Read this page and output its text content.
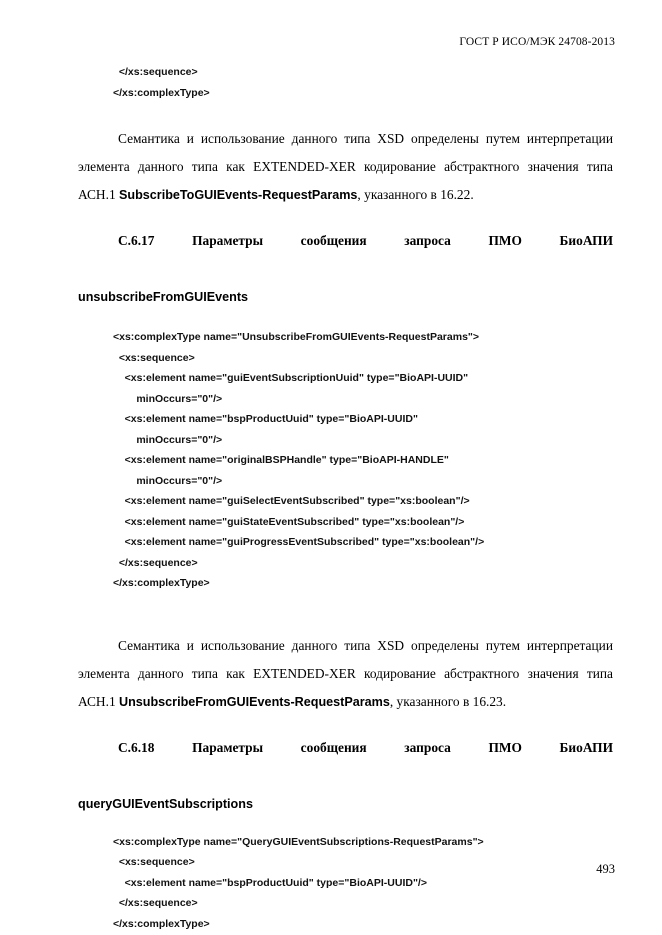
ГОСТ Р ИСО/МЭК 24708-2013
</xs:sequence>
</xs:complexType>

Семантика и использование данного типа XSD определены путем интерпретации элемента данного типа как EXTENDED-XER кодирование абстрактного значения типа АСН.1 SubscribeToGUIEvents-RequestParams, указанного в 16.22.

С.6.17 Параметры сообщения запроса ПМО БиоАПИ
unsubscribeFromGUIEvents
<xs:complexType name="UnsubscribeFromGUIEvents-RequestParams">
<xs:sequence>
<xs:element name="guiEventSubscriptionUuid" type="BioAPI-UUID"
minOccurs="0"/>
<xs:element name="bspProductUuid" type="BioAPI-UUID"
minOccurs="0"/>
<xs:element name="originalBSPHandle" type="BioAPI-HANDLE"
minOccurs="0"/>
<xs:element name="guiSelectEventSubscribed" type="xs:boolean"/>
<xs:element name="guiStateEventSubscribed" type="xs:boolean"/>
<xs:element name="guiProgressEventSubscribed" type="xs:boolean"/>
</xs:sequence>
</xs:complexType>

Семантика и использование данного типа XSD определены путем интерпретации элемента данного типа как EXTENDED-XER кодирование абстрактного значения типа АСН.1 UnsubscribeFromGUIEvents-RequestParams, указанного в 16.23.

С.6.18 Параметры сообщения запроса ПМО БиоАПИ
queryGUIEventSubscriptions
<xs:complexType name="QueryGUIEventSubscriptions-RequestParams">
<xs:sequence>
<xs:element name="bspProductUuid" type="BioAPI-UUID"/>
</xs:sequence>
</xs:complexType>
493
